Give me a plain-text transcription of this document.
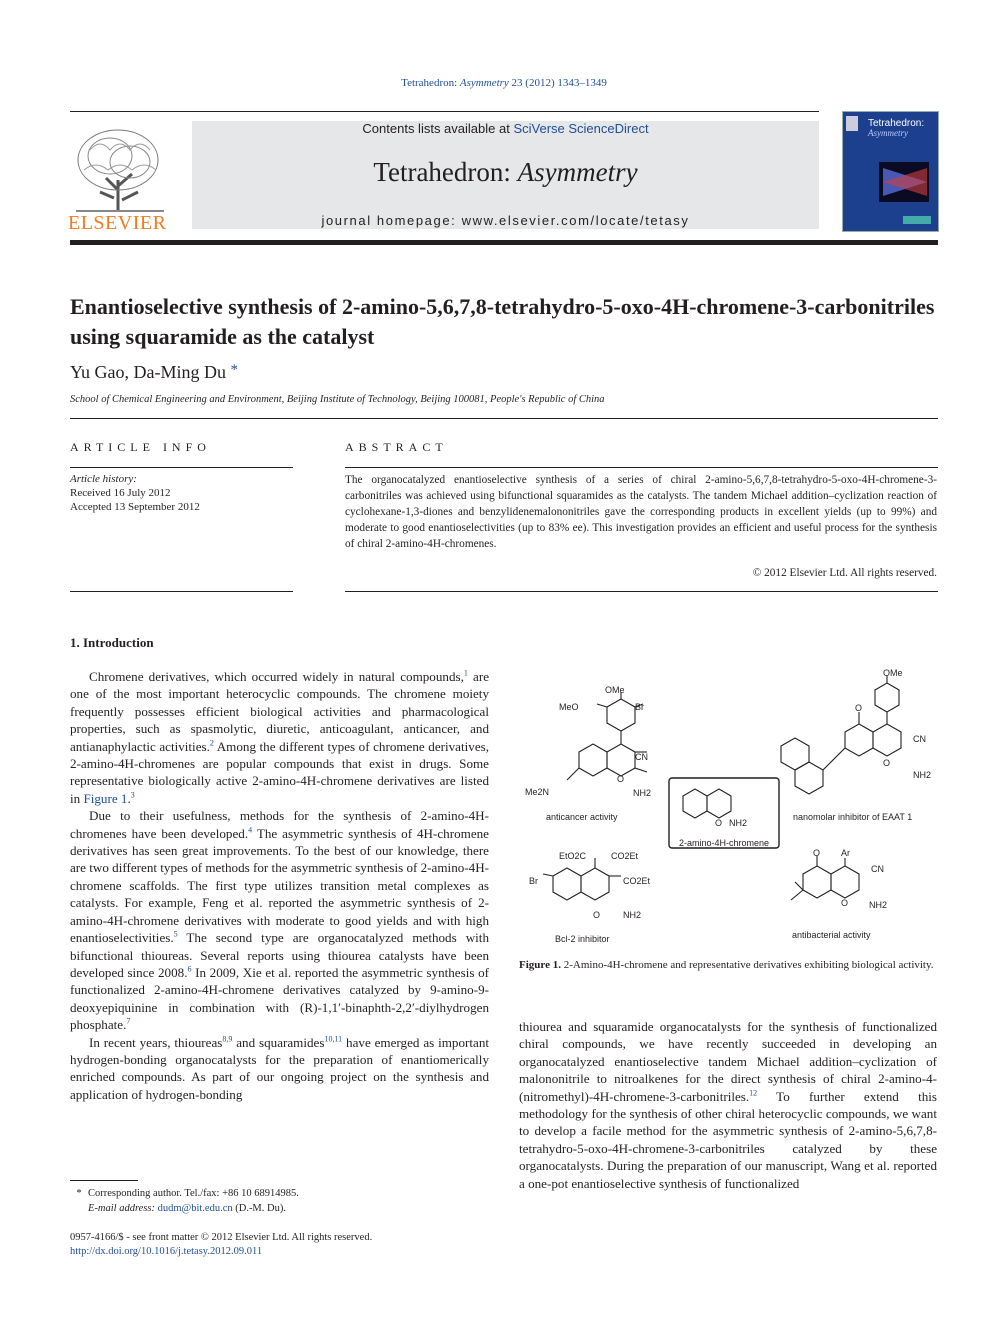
Tetrahedron: Asymmetry 23 (2012) 1343–1349
ELSEVIER
Contents lists available at SciVerse ScienceDirect
Tetrahedron: Asymmetry
journal homepage: www.elsevier.com/locate/tetasy
Tetrahedron:
Asymmetry
Enantioselective synthesis of 2-amino-5,6,7,8-tetrahydro-5-oxo-4H-chromene-3-carbonitriles using squaramide as the catalyst
Yu Gao, Da-Ming Du *
School of Chemical Engineering and Environment, Beijing Institute of Technology, Beijing 100081, People's Republic of China
ARTICLE INFO
Article history:
Received 16 July 2012
Accepted 13 September 2012
ABSTRACT
The organocatalyzed enantioselective synthesis of a series of chiral 2-amino-5,6,7,8-tetrahydro-5-oxo-4H-chromene-3-carbonitriles was achieved using bifunctional squaramides as the catalysts. The tandem Michael addition–cyclization reaction of cyclohexane-1,3-diones and benzylidenemalononitriles gave the corresponding products in excellent yields (up to 99%) and moderate to good enantioselectivities (up to 83% ee). This investigation provides an efficient and useful process for the synthesis of chiral 2-amino-4H-chromenes.
© 2012 Elsevier Ltd. All rights reserved.
1. Introduction

Chromene derivatives, which occurred widely in natural compounds,$^1$ are one of the most important heterocyclic compounds. The chromene moiety frequently possesses efficient biological activities and pharmacological properties, such as spasmolytic, diuretic, anticoagulant, anticancer, and antianaphylactic activities.$^2$ Among the different types of chromene derivatives, 2-amino-4H-chromenes are popular compounds that exist in drugs. Some representative biologically active 2-amino-4H-chromene derivatives are listed in Figure 1.$^3$

Due to their usefulness, methods for the synthesis of 2-amino-4H-chromenes have been developed.$^4$ The asymmetric synthesis of 4H-chromene derivatives has seen great improvements. To the best of our knowledge, there are two different types of methods for the asymmetric synthesis of 2-amino-4H-chromene scaffolds. The first type utilizes transition metal complexes as catalysts. For example, Feng et al. reported the asymmetric synthesis of 2-amino-4H-chromene derivatives with moderate to good yields and with high enantioselectivities.$^5$ The second type are organocatalyzed methods with bifunctional thioureas. Several reports using thiourea catalysts have been developed since 2008.$^6$ In 2009, Xie et al. reported the asymmetric synthesis of functionalized 2-amino-4H-chromene derivatives catalyzed by 9-amino-9-deoxyepiquinine in combination with (R)-1,1′-binaphth-2,2′-diylhydrogen phosphate.$^7$

In recent years, thioureas$^{8,9}$ and squaramides$^{10,11}$ have emerged as important hydrogen-bonding organocatalysts for the preparation of enantiomerically enriched compounds. As part of our ongoing project on the synthesis and application of hydrogen-bonding

OMe
MeO	Br
CN
NH2
O
Me2N
O NH2
OMe
O
CN
NH2
O
EtO2C	CO2Et
CO2Et
Br
O	NH2
O Ar
CN
NH2
O
anticancer activity	nanomolar inhibitor of EAAT 1
2-amino-4H-chromene
Bcl-2 inhibitor	antibacterial activity
Figure 1. 2-Amino-4H-chromene and representative derivatives exhibiting biological activity.

thiourea and squaramide organocatalysts for the synthesis of functionalized chiral compounds, we have recently succeeded in developing an organocatalyzed enantioselective tandem Michael addition–cyclization of malononitrile to nitroalkenes for the direct synthesis of chiral 2-amino-4-(nitromethyl)-4H-chromene-3-carbonitriles.$^{12}$ To further extend this methodology for the synthesis of other chiral heterocyclic compounds, we want to develop a facile method for the asymmetric synthesis of 2-amino-5,6,7,8-tetrahydro-5-oxo-4H-chromene-3-carbonitriles catalyzed by these organocatalysts. During the preparation of our manuscript, Wang et al. reported a one-pot enantioselective synthesis of functionalized

* Corresponding author. Tel./fax: +86 10 68914985.
E-mail address: dudm@bit.edu.cn (D.-M. Du).
0957-4166/$ - see front matter © 2012 Elsevier Ltd. All rights reserved.
http://dx.doi.org/10.1016/j.tetasy.2012.09.011
